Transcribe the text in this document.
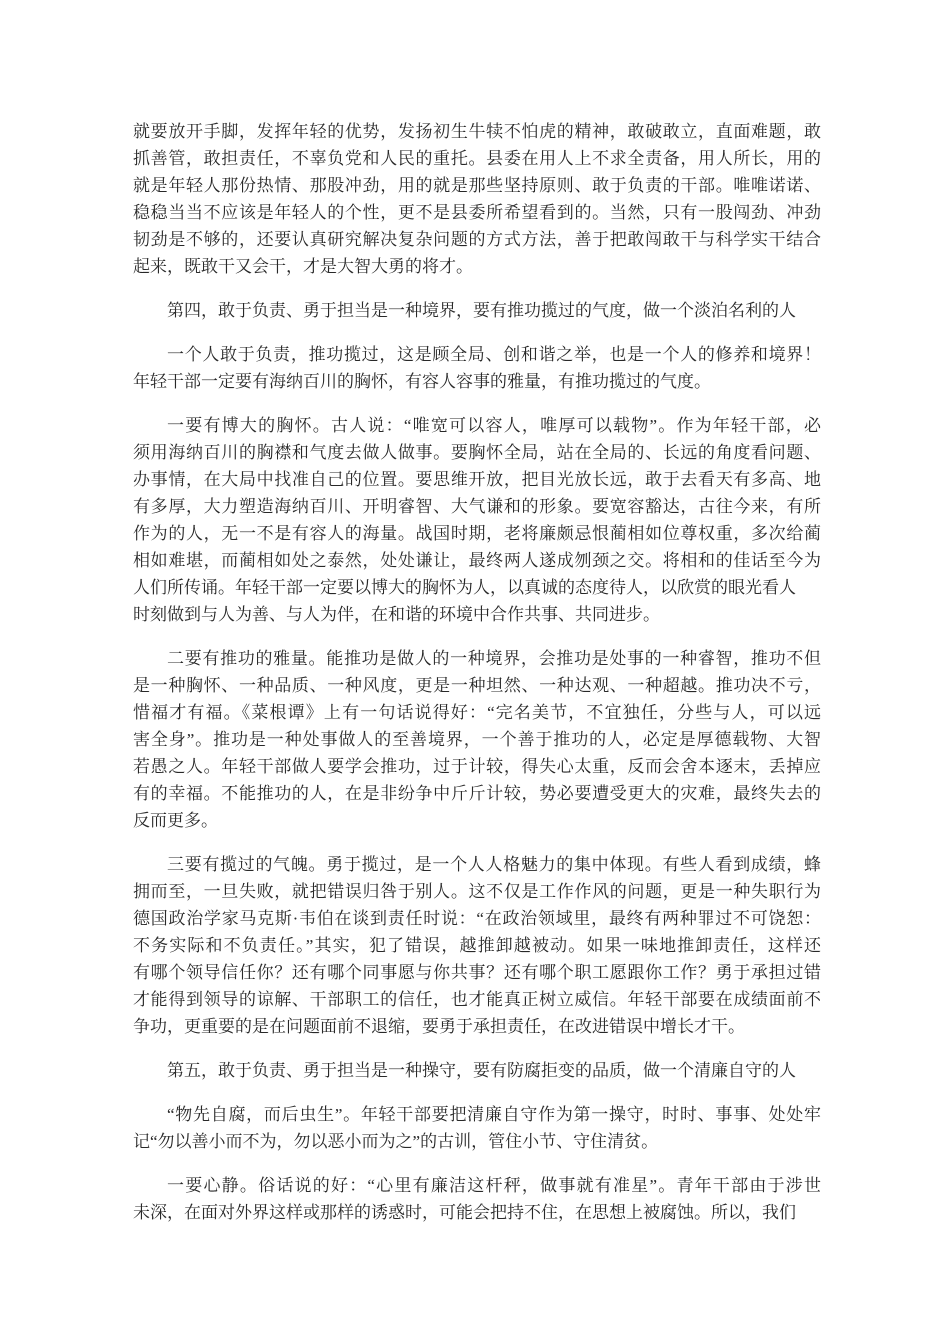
就要放开手脚，发挥年轻的优势，发扬初生牛犊不怕虎的精神，敢破敢立，直面难题，敢
抓善管，敢担责任，不辜负党和人民的重托。县委在用人上不求全责备，用人所长，用的
就是年轻人那份热情、那股冲劲，用的就是那些坚持原则、敢于负责的干部。唯唯诺诺、
稳稳当当不应该是年轻人的个性，更不是县委所希望看到的。当然，只有一股闯劲、冲劲
韧劲是不够的，还要认真研究解决复杂问题的方式方法，善于把敢闯敢干与科学实干结合
起来，既敢干又会干，才是大智大勇的将才。

第四，敢于负责、勇于担当是一种境界，要有推功揽过的气度，做一个淡泊名利的人

一个人敢于负责，推功揽过，这是顾全局、创和谐之举，也是一个人的修养和境界！
年轻干部一定要有海纳百川的胸怀，有容人容事的雅量，有推功揽过的气度。

一要有博大的胸怀。古人说：“唯宽可以容人，唯厚可以载物”。作为年轻干部，必
须用海纳百川的胸襟和气度去做人做事。要胸怀全局，站在全局的、长远的角度看问题、
办事情，在大局中找准自己的位置。要思维开放，把目光放长远，敢于去看天有多高、地
有多厚，大力塑造海纳百川、开明睿智、大气谦和的形象。要宽容豁达，古往今来，有所
作为的人，无一不是有容人的海量。战国时期，老将廉颇忌恨蔺相如位尊权重，多次给蔺
相如难堪，而蔺相如处之泰然，处处谦让，最终两人遂成刎颈之交。将相和的佳话至今为
人们所传诵。年轻干部一定要以博大的胸怀为人，以真诚的态度待人，以欣赏的眼光看人
时刻做到与人为善、与人为伴，在和谐的环境中合作共事、共同进步。

二要有推功的雅量。能推功是做人的一种境界，会推功是处事的一种睿智，推功不但
是一种胸怀、一种品质、一种风度，更是一种坦然、一种达观、一种超越。推功决不亏，
惜福才有福。《菜根谭》上有一句话说得好：“完名美节，不宜独任，分些与人，可以远
害全身”。推功是一种处事做人的至善境界，一个善于推功的人，必定是厚德载物、大智
若愚之人。年轻干部做人要学会推功，过于计较，得失心太重，反而会舍本逐末，丢掉应
有的幸福。不能推功的人，在是非纷争中斤斤计较，势必要遭受更大的灾难，最终失去的
反而更多。

三要有揽过的气魄。勇于揽过，是一个人人格魅力的集中体现。有些人看到成绩，蜂
拥而至，一旦失败，就把错误归咎于别人。这不仅是工作作风的问题，更是一种失职行为
德国政治学家马克斯·韦伯在谈到责任时说：“在政治领域里，最终有两种罪过不可饶恕：
不务实际和不负责任。”其实，犯了错误，越推卸越被动。如果一味地推卸责任，这样还
有哪个领导信任你？还有哪个同事愿与你共事？还有哪个职工愿跟你工作？勇于承担过错
才能得到领导的谅解、干部职工的信任，也才能真正树立威信。年轻干部要在成绩面前不
争功，更重要的是在问题面前不退缩，要勇于承担责任，在改进错误中增长才干。

第五，敢于负责、勇于担当是一种操守，要有防腐拒变的品质，做一个清廉自守的人

“物先自腐，而后虫生”。年轻干部要把清廉自守作为第一操守，时时、事事、处处牢
记“勿以善小而不为，勿以恶小而为之”的古训，管住小节、守住清贫。

一要心静。俗话说的好：“心里有廉洁这杆秤，做事就有准星”。青年干部由于涉世
未深，在面对外界这样或那样的诱惑时，可能会把持不住，在思想上被腐蚀。所以，我们
